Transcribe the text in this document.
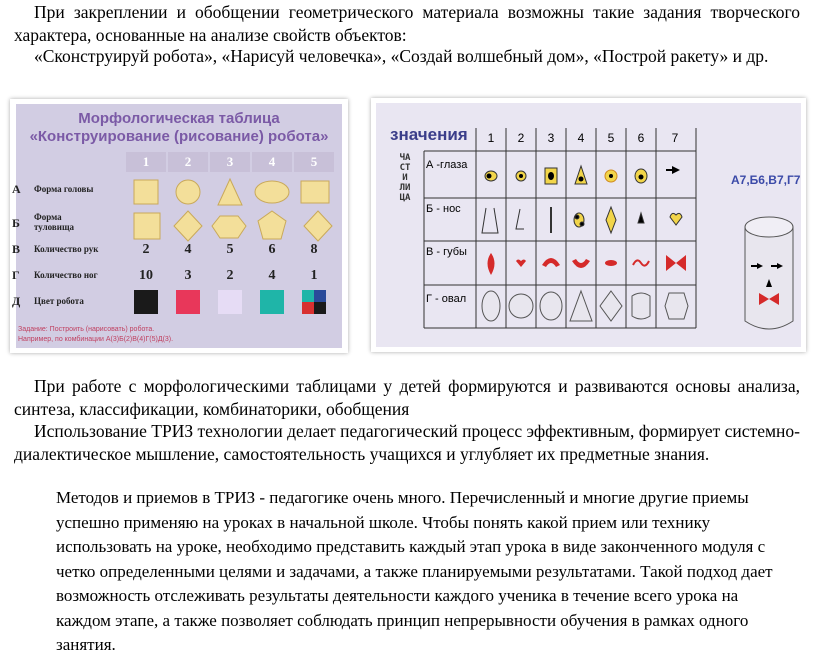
При закреплении и обобщении геометрического материала возможны такие задания творческого характера, основанные на анализе свойств объектов:
«Сконструируй робота», «Нарисуй человечка», «Создай волшебный дом», «Построй ракету» и др.
Морфологическая таблица
«Конструирование (рисование) робота»
1	2	3	4	5
А Форма головы
Б Форма туловища
В Количество рук	2	4	5	6	8
Г Количество ног	10	3	2	4	1
Д Цвет робота
Задание: Построить (нарисовать) робота.
Например, по комбинации А(3)Б(2)В(4)Г(5)Д(3).
значения	1	2	3	4	5	6	7
ЧАСТИ ЛИЦА
А -глаза
Б - нос
В - губы
Г - овал
А7,Б6,В7,Г7
При работе с морфологическими таблицами у детей формируются и развиваются основы анализа, синтеза, классификации, комбинаторики, обобщения
Использование ТРИЗ технологии делает педагогический процесс эффективным, формирует системно-диалектическое мышление, самостоятельность учащихся и углубляет их предметные знания.
Методов и приемов в ТРИЗ - педагогике очень много. Перечисленный и многие другие приемы успешно применяю на уроках в начальной школе. Чтобы понять какой прием или технику использовать на уроке, необходимо представить каждый этап урока в виде законченного модуля с четко определенными целями и задачами, а также планируемыми результатами. Такой подход дает возможность отслеживать результаты деятельности каждого ученика в течение всего урока на каждом этапе, а также позволяет соблюдать принцип непрерывности обучения в рамках одного занятия.
